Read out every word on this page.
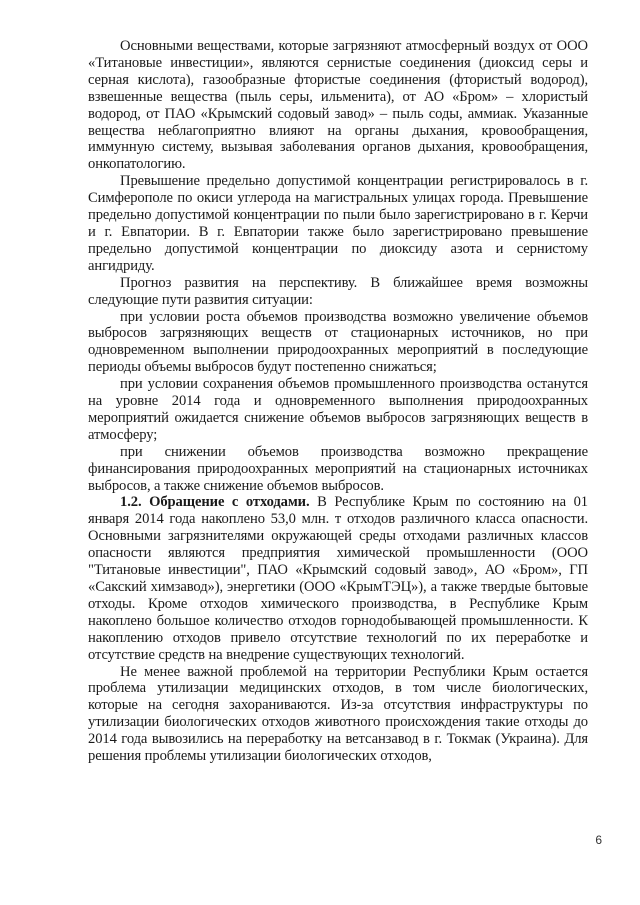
Основными веществами, которые загрязняют атмосферный воздух от ООО «Титановые инвестиции», являются сернистые соединения (диоксид серы и серная кислота), газообразные фтористые соединения (фтористый водород), взвешенные вещества (пыль серы, ильменита), от АО «Бром» – хлористый водород, от ПАО «Крымский содовый завод» – пыль соды, аммиак. Указанные вещества неблагоприятно влияют на органы дыхания, кровообращения, иммунную систему, вызывая заболевания органов дыхания, кровообращения, онкопатологию.

Превышение предельно допустимой концентрации регистрировалось в г. Симферополе по окиси углерода на магистральных улицах города. Превышение предельно допустимой концентрации по пыли было зарегистрировано в г. Керчи и г. Евпатории. В г. Евпатории также было зарегистрировано превышение предельно допустимой концентрации по диоксиду азота и сернистому ангидриду.

Прогноз развития на перспективу. В ближайшее время возможны следующие пути развития ситуации:

при условии роста объемов производства возможно увеличение объемов выбросов загрязняющих веществ от стационарных источников, но при одновременном выполнении природоохранных мероприятий в последующие периоды объемы выбросов будут постепенно снижаться;

при условии сохранения объемов промышленного производства останутся на уровне 2014 года и одновременного выполнения природоохранных мероприятий ожидается снижение объемов выбросов загрязняющих веществ в атмосферу;

при снижении объемов производства возможно прекращение финансирования природоохранных мероприятий на стационарных источниках выбросов, а также снижение объемов выбросов.

1.2. Обращение с отходами. В Республике Крым по состоянию на 01 января 2014 года накоплено 53,0 млн. т отходов различного класса опасности. Основными загрязнителями окружающей среды отходами различных классов опасности являются предприятия химической промышленности (ООО "Титановые инвестиции", ПАО «Крымский содовый завод», АО «Бром», ГП «Сакский химзавод»), энергетики (ООО «КрымТЭЦ»), а также твердые бытовые отходы. Кроме отходов химического производства, в Республике Крым накоплено большое количество отходов горнодобывающей промышленности. К накоплению отходов привело отсутствие технологий по их переработке и отсутствие средств на внедрение существующих технологий.

Не менее важной проблемой на территории Республики Крым остается проблема утилизации медицинских отходов, в том числе биологических, которые на сегодня захораниваются. Из-за отсутствия инфраструктуры по утилизации биологических отходов животного происхождения такие отходы до 2014 года вывозились на переработку на ветсанзавод в г. Токмак (Украина). Для решения проблемы утилизации биологических отходов,

6
